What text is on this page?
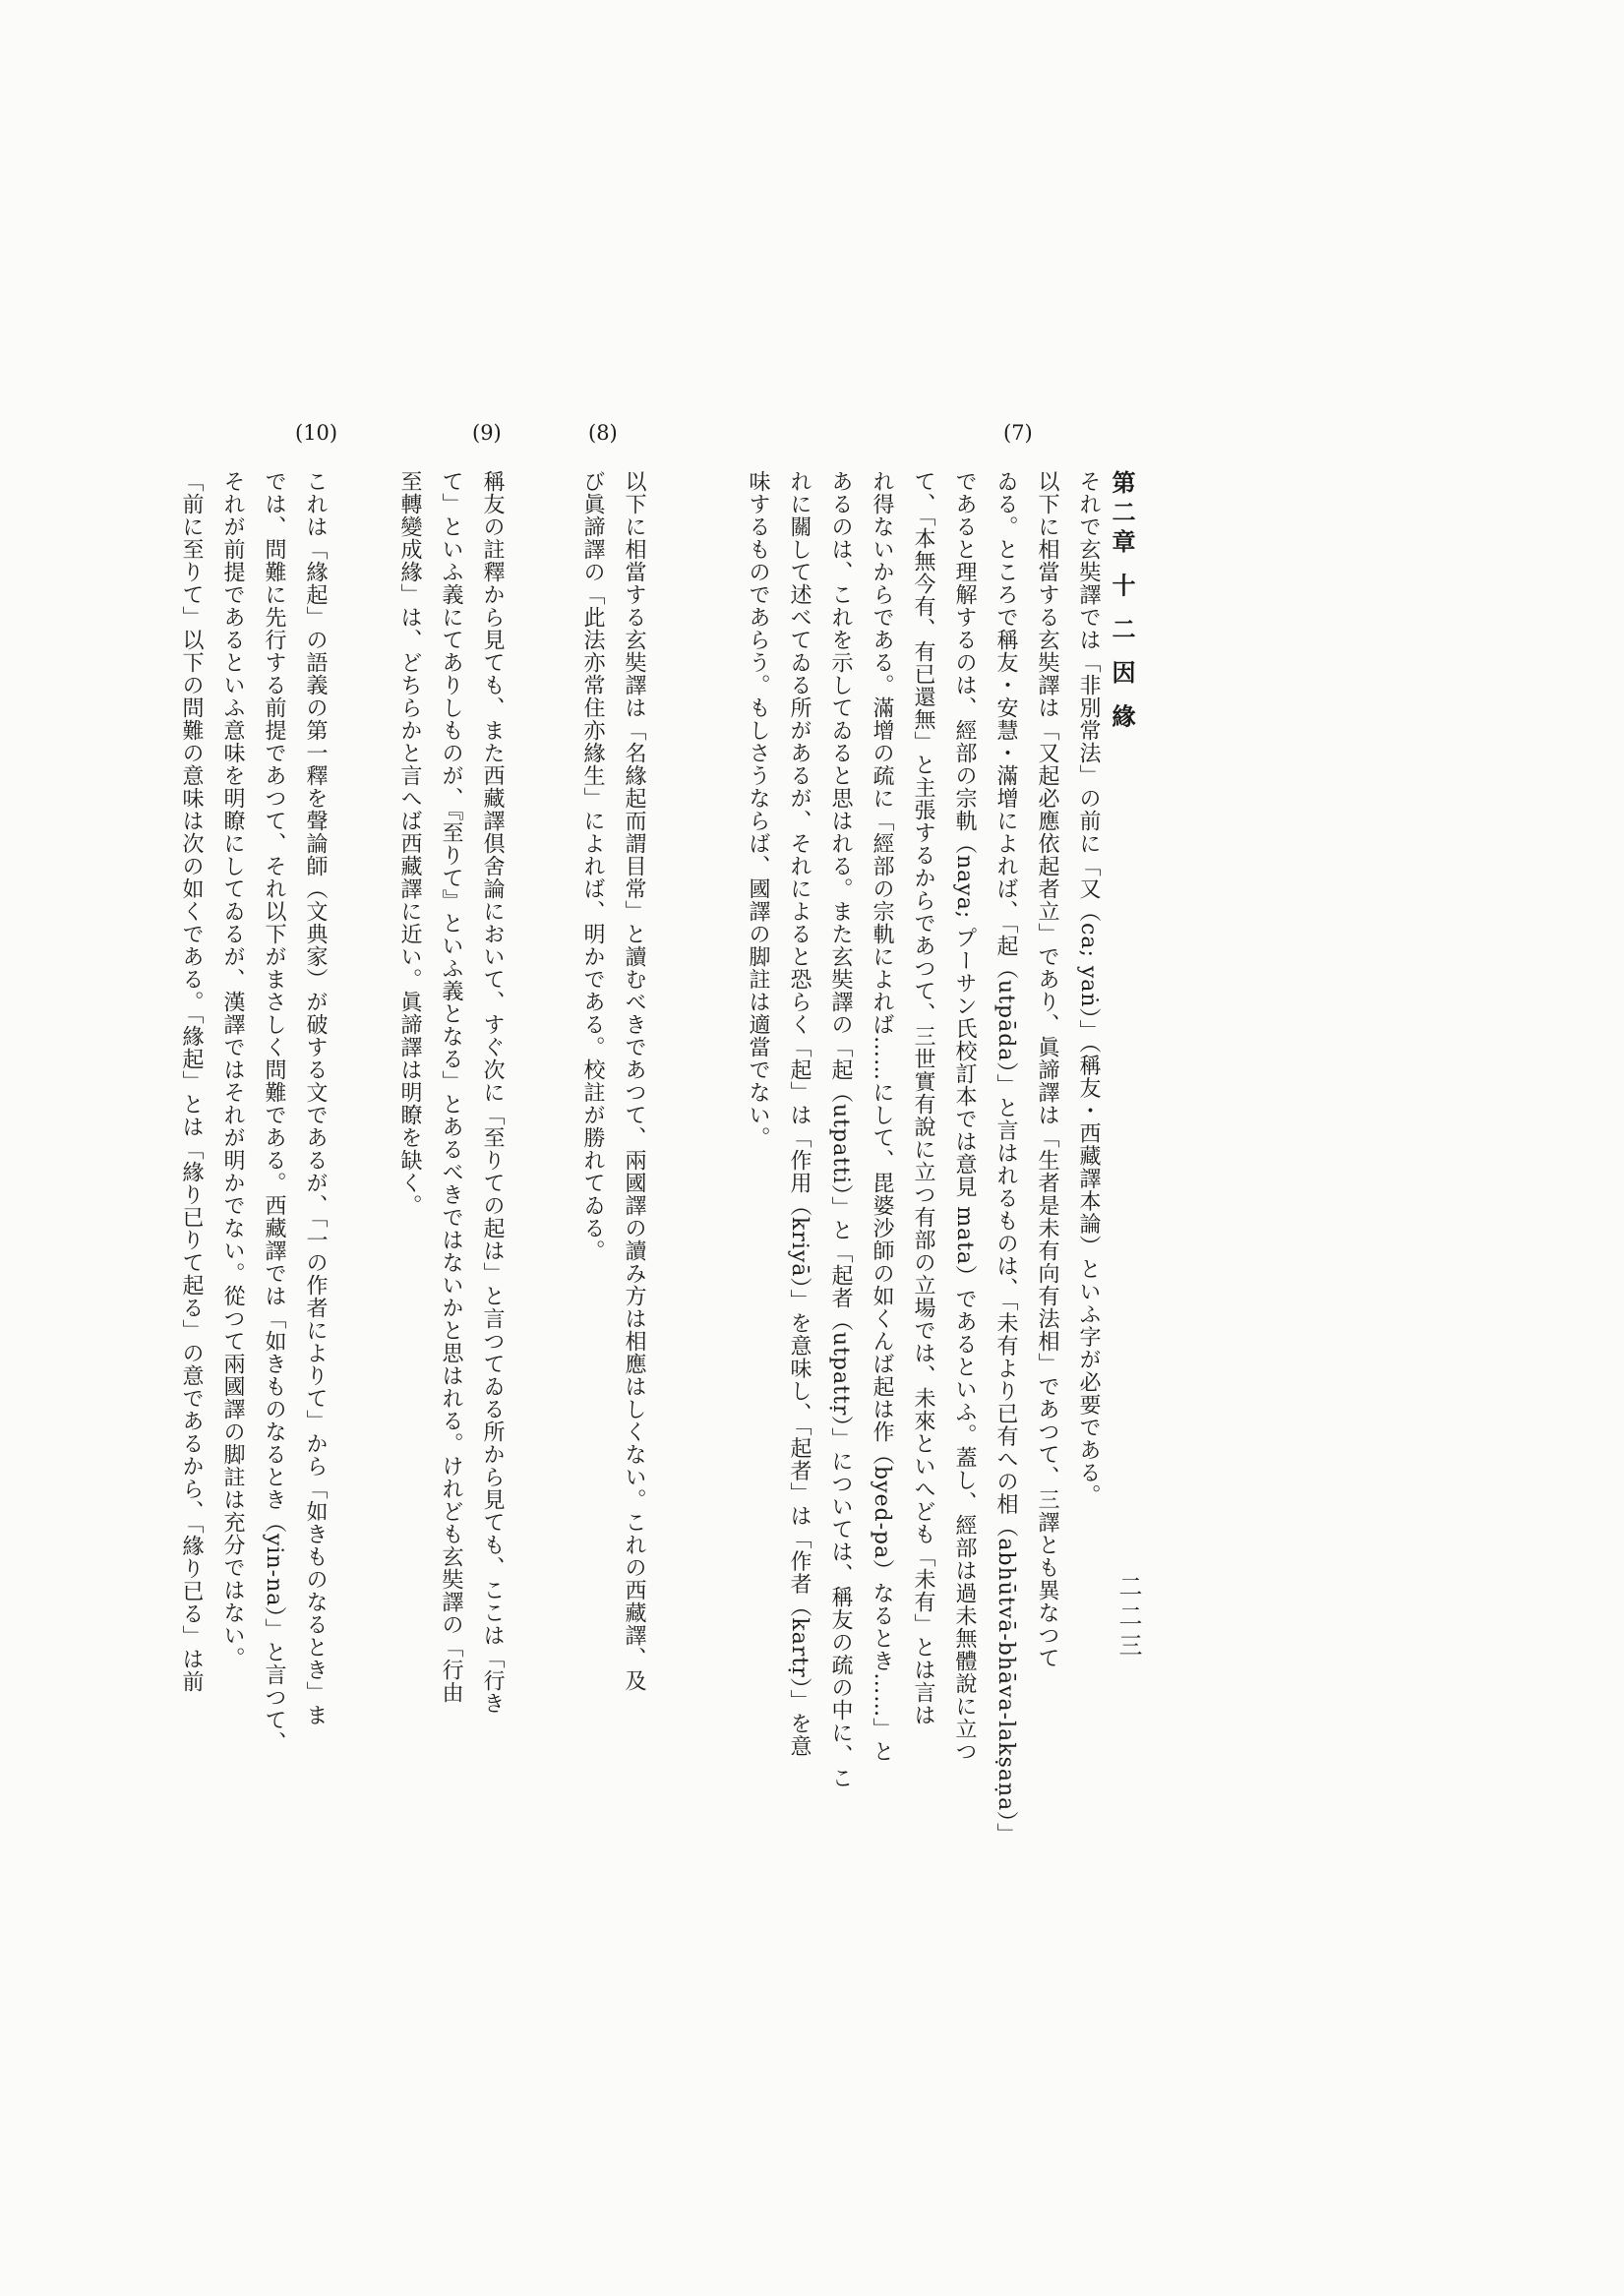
第二章 十 二 因 緣
二二三
それで玄奘譯では「非別常法」の前に「又（ca; yaṅ）」（稱友・西藏譯本論）といふ字が必要である。
(7)
以下に相當する玄奘譯は「又起必應依起者立」であり、眞諦譯は「生者是未有向有法相」であつて、三譯とも異なつて
ゐる。ところで稱友・安慧・滿增によれば、「起（utpāda）」と言はれるものは、「未有より已有への相（abhūtvā-bhāva-lakṣaṇa）」
であると理解するのは、經部の宗軌（naya; プーサン氏校訂本では意見 mata）であるといふ。蓋し、經部は過未無體說に立つ
て、「本無今有、有已還無」と主張するからであつて、三世實有說に立つ有部の立場では、未來といへども「未有」とは言は
れ得ないからである。滿增の疏に「經部の宗軌によれば……にして、毘婆沙師の如くんば起は作（byed-pa）なるとき……」と
あるのは、これを示してゐると思はれる。また玄奘譯の「起（utpatti）」と「起者（utpattṛ）」については、稱友の疏の中に、こ
れに關して述べてゐる所があるが、それによると恐らく「起」は「作用（kriyā）」を意味し、「起者」は「作者（kartṛ）」を意
味するものであらう。もしさうならば、國譯の脚註は適當でない。
(8)
以下に相當する玄奘譯は「名緣起而謂目常」と讀むべきであつて、兩國譯の讀み方は相應はしくない。これの西藏譯、及
び眞諦譯の「此法亦常住亦緣生」によれば、明かである。校註が勝れてゐる。
(9)
稱友の註釋から見ても、また西藏譯倶舍論において、すぐ次に「至りての起は」と言つてゐる所から見ても、ここは「行き
て」といふ義にてありしものが、『至りて』といふ義となる」とあるべきではないかと思はれる。けれども玄奘譯の「行由
至轉變成緣」は、どちらかと言へば西藏譯に近い。眞諦譯は明瞭を缺く。
(10)
これは「緣起」の語義の第一釋を聲論師（文典家）が破する文であるが、「一の作者によりて」から「如きものなるとき」ま
では、問難に先行する前提であつて、それ以下がまさしく問難である。西藏譯では「如きものなるとき（yin-na）」と言つて、
それが前提であるといふ意味を明瞭にしてゐるが、漢譯ではそれが明かでない。從つて兩國譯の脚註は充分ではない。
「前に至りて」以下の問難の意味は次の如くである。「緣起」とは「緣り已りて起る」の意であるから、「緣り已る」は前
